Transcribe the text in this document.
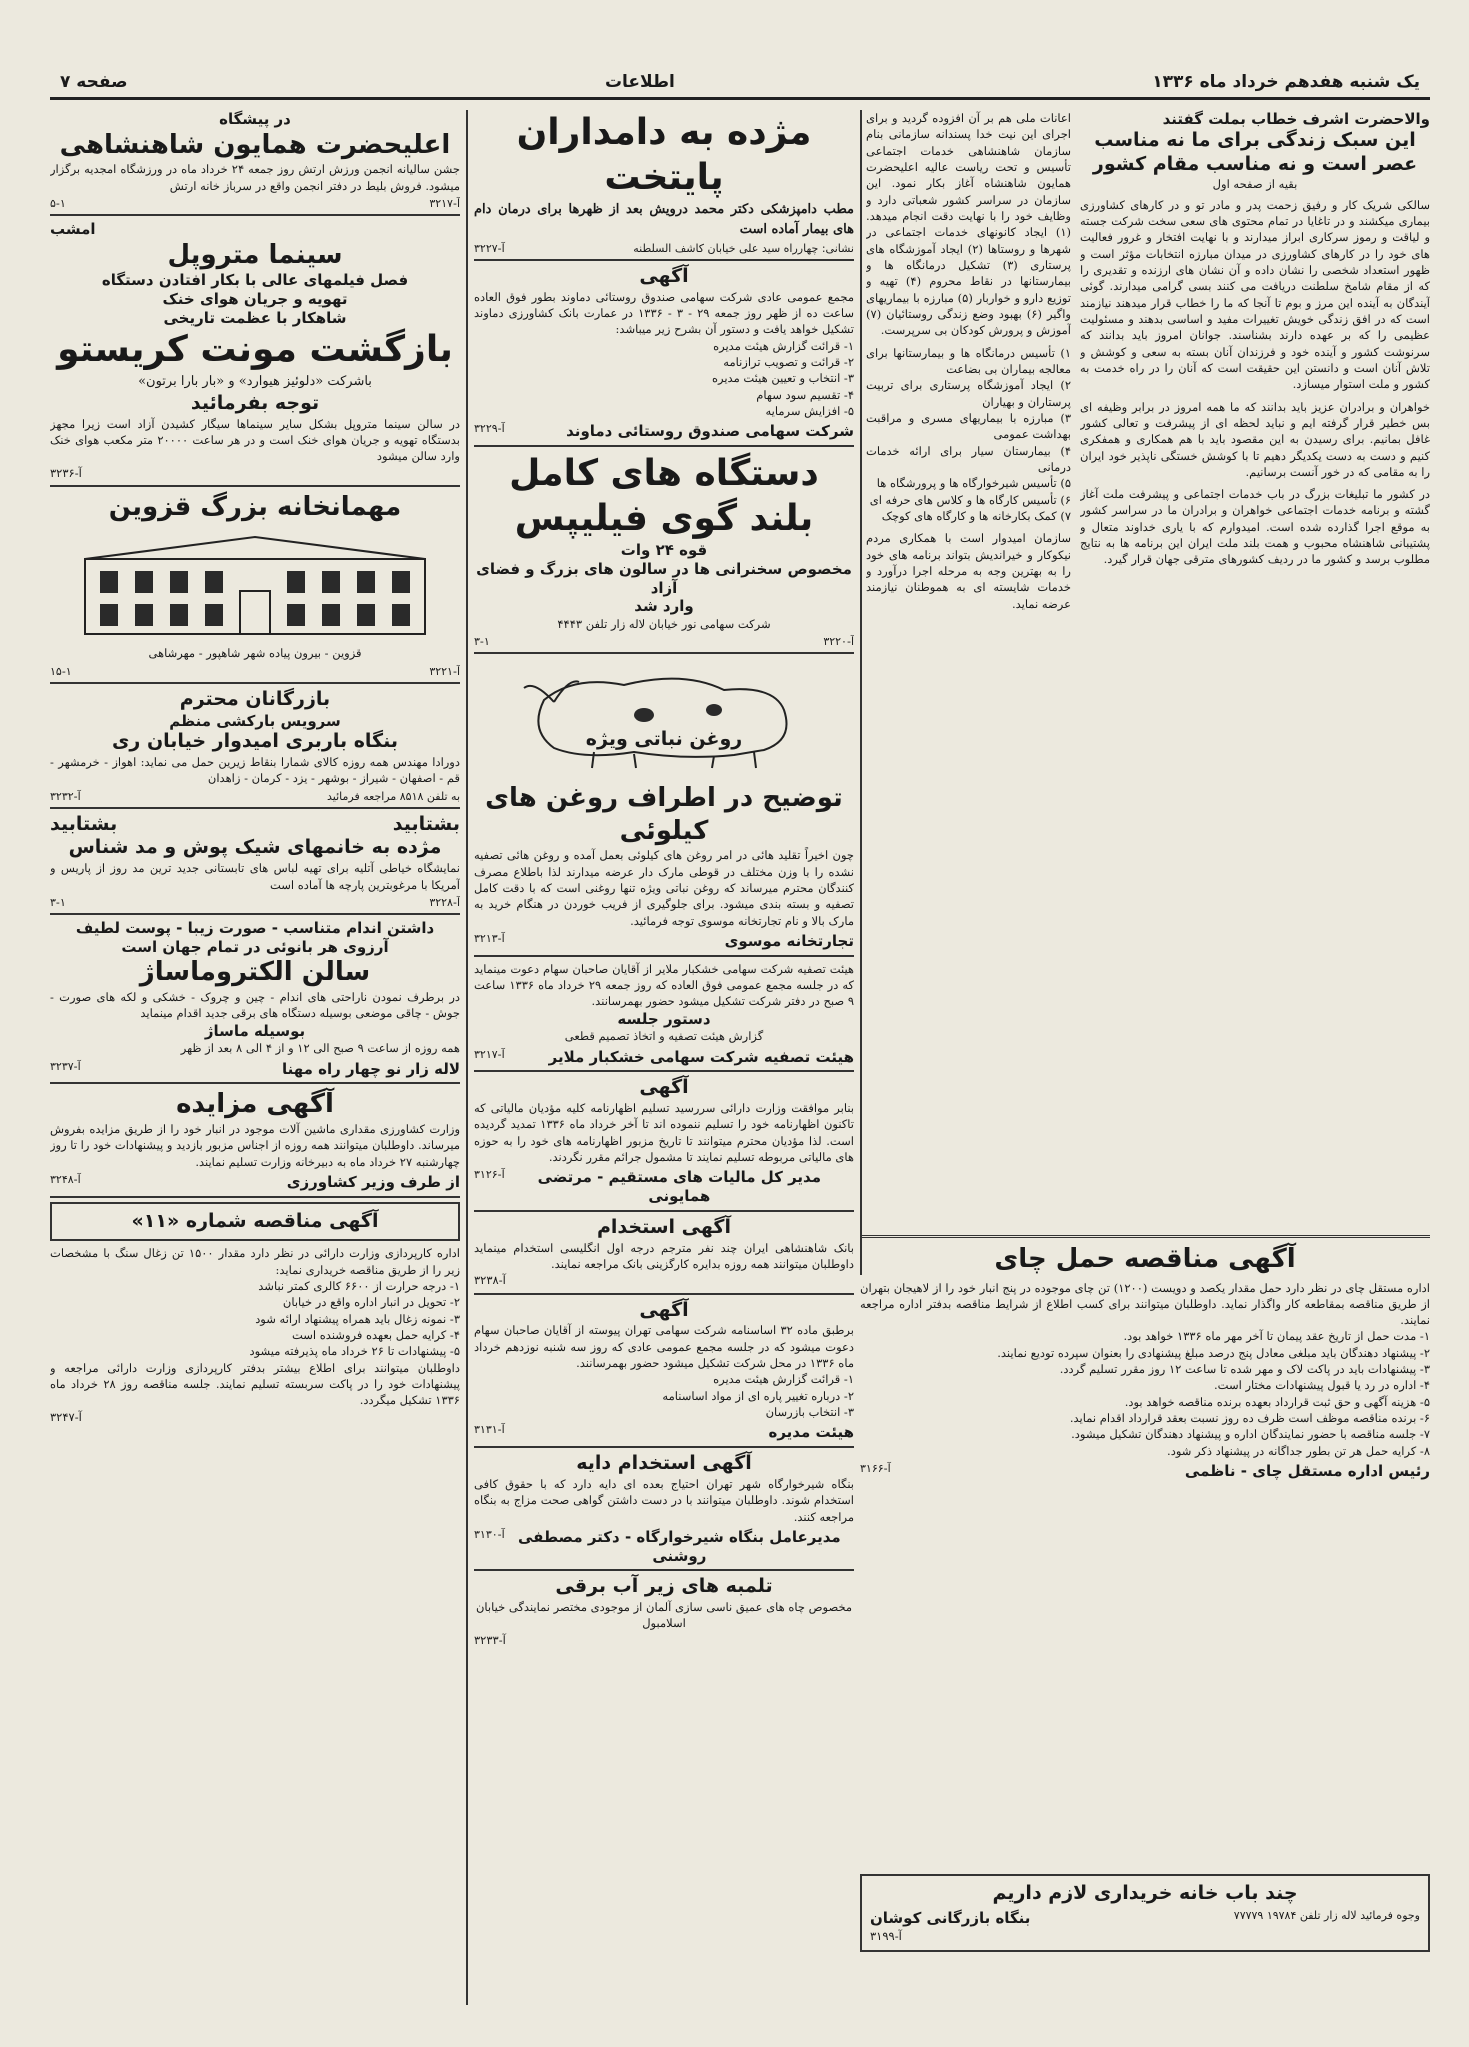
صفحه ۷	اطلاعات	یک شنبه هفدهم خرداد ماه ۱۳۳۶
والاحضرت اشرف خطاب بملت گفتند
این سبک زندگی برای ما نه مناسب عصر است و نه مناسب مقام کشور
بقیه از صفحه اول

سالکی شریک کار و رفیق زحمت پدر و مادر تو و در کارهای کشاورزی بیماری میکشند و در تاغایا در تمام محتوی های سعی سخت شرکت جسته و لیاقت و رموز سرکاری ابراز میدارند و با نهایت افتخار و غرور فعالیت های خود را در کارهای کشاورزی در میدان مبارزه انتخابات مؤثر است و ظهور استعداد شخصی را نشان داده و آن نشان های ارزنده و تقدیری را که از مقام شامخ سلطنت دریافت می کنند بسی گرامی میدارند. گوئی آیندگان به آینده این مرز و بوم تا آنجا که ما را خطاب قرار میدهند نیازمند است که در افق زندگی خویش تغییرات مفید و اساسی بدهند و مسئولیت عظیمی را که بر عهده دارند بشناسند. جوانان امروز باید بدانند که سرنوشت کشور و آینده خود و فرزندان آنان بسته به سعی و کوشش و تلاش آنان است و دانستن این حقیقت است که آنان را در راه خدمت به کشور و ملت استوار میسازد.

خواهران و برادران عزیز باید بدانند که ما همه امروز در برابر وظیفه ای بس خطیر قرار گرفته ایم و نباید لحظه ای از پیشرفت و تعالی کشور غافل بمانیم. برای رسیدن به این مقصود باید با هم همکاری و همفکری کنیم و دست به دست یکدیگر دهیم تا با کوشش خستگی ناپذیر خود ایران را به مقامی که در خور آنست برسانیم.

در کشور ما تبلیغات بزرگ در باب خدمات اجتماعی و پیشرفت ملت آغاز گشته و برنامه خدمات اجتماعی خواهران و برادران ما در سراسر کشور به موقع اجرا گذارده شده است. امیدوارم که با یاری خداوند متعال و پشتیبانی شاهنشاه محبوب و همت بلند ملت ایران این برنامه ها به نتایج مطلوب برسد و کشور ما در ردیف کشورهای مترقی جهان قرار گیرد.

اعانات ملی هم بر آن افزوده گردید و برای اجرای این نیت خدا پسندانه سازمانی بنام سازمان شاهنشاهی خدمات اجتماعی تأسیس و تحت ریاست عالیه اعلیحضرت همایون شاهنشاه آغاز بکار نمود. این سازمان در سراسر کشور شعباتی دارد و وظایف خود را با نهایت دقت انجام میدهد. (۱) ایجاد کانونهای خدمات اجتماعی در شهرها و روستاها (۲) ایجاد آموزشگاه های پرستاری (۳) تشکیل درمانگاه ها و بیمارستانها در نقاط محروم (۴) تهیه و توزیع دارو و خواربار (۵) مبارزه با بیماریهای واگیر (۶) بهبود وضع زندگی روستائیان (۷) آموزش و پرورش کودکان بی سرپرست.

۱) تأسیس درمانگاه ها و بیمارستانها برای معالجه بیماران بی بضاعت

۲) ایجاد آموزشگاه پرستاری برای تربیت پرستاران و بهیاران

۳) مبارزه با بیماریهای مسری و مراقبت بهداشت عمومی

۴) بیمارستان سیار برای ارائه خدمات درمانی

۵) تأسیس شیرخوارگاه ها و پرورشگاه ها

۶) تأسیس کارگاه ها و کلاس های حرفه ای

۷) کمک بکارخانه ها و کارگاه های کوچک

سازمان امیدوار است با همکاری مردم نیکوکار و خیراندیش بتواند برنامه های خود را به بهترین وجه به مرحله اجرا درآورد و خدمات شایسته ای به هموطنان نیازمند عرضه نماید.

آگهی مناقصه حمل چای

اداره مستقل چای در نظر دارد حمل مقدار یکصد و دویست (۱۲۰۰) تن چای موجوده در پنج انبار خود را از لاهیجان بتهران از طریق مناقصه بمقاطعه کار واگذار نماید. داوطلبان میتوانند برای کسب اطلاع از شرایط مناقصه بدفتر اداره مراجعه نمایند.

۱- مدت حمل از تاریخ عقد پیمان تا آخر مهر ماه ۱۳۳۶ خواهد بود.

۲- پیشنهاد دهندگان باید مبلغی معادل پنج درصد مبلغ پیشنهادی را بعنوان سپرده تودیع نمایند.

۳- پیشنهادات باید در پاکت لاک و مهر شده تا ساعت ۱۲ روز مقرر تسلیم گردد.

۴- اداره در رد یا قبول پیشنهادات مختار است.

۵- هزینه آگهی و حق ثبت قرارداد بعهده برنده مناقصه خواهد بود.

۶- برنده مناقصه موظف است ظرف ده روز نسبت بعقد قرارداد اقدام نماید.

۷- جلسه مناقصه با حضور نمایندگان اداره و پیشنهاد دهندگان تشکیل میشود.

۸- کرایه حمل هر تن بطور جداگانه در پیشنهاد ذکر شود.

رئیس اداره مستقل چای - ناظمی
آ-۳۱۶۶
چند باب خانه خریداری لازم داریم
وجوه فرمائید لاله زار تلفن ۱۹۷۸۴ ۷۷۷۷۹
بنگاه بازرگانی کوشان
آ-۳۱۹۹
مژده به دامداران پایتخت

مطب دامپزشکی دکتر محمد درویش بعد از ظهرها برای درمان دام های بیمار آماده است

نشانی: چهارراه سید علی خیابان کاشف السلطنه
آ-۳۲۲۷
آگهی

مجمع عمومی عادی شرکت سهامی صندوق روستائی دماوند بطور فوق العاده ساعت ده از ظهر روز جمعه ۲۹ - ۳ - ۱۳۳۶ در عمارت بانک کشاورزی دماوند تشکیل خواهد یافت و دستور آن بشرح زیر میباشد:

۱- قرائت گزارش هیئت مدیره

۲- قرائت و تصویب ترازنامه

۳- انتخاب و تعیین هیئت مدیره

۴- تقسیم سود سهام

۵- افزایش سرمایه

شرکت سهامی صندوق روستائی دماوند
آ-۳۲۲۹
دستگاه های کامل
بلند گوی فیلیپس
قوه ۲۴ وات
مخصوص سخنرانی ها در سالون های بزرگ و فضای آزاد
وارد شد
شرکت سهامی نور خیابان لاله زار تلفن ۴۴۴۳
آ-۳۲۲۰
۳-۱
روغن نباتی ویژه
توضیح در اطراف روغن های کیلوئی

چون اخیراً تقلید هائی در امر روغن های کیلوئی بعمل آمده و روغن هائی تصفیه نشده را با وزن مختلف در قوطی مارک دار عرضه میدارند لذا باطلاع مصرف کنندگان محترم میرساند که روغن نباتی ویژه تنها روغنی است که با دقت کامل تصفیه و بسته بندی میشود. برای جلوگیری از فریب خوردن در هنگام خرید به مارک بالا و نام تجارتخانه موسوی توجه فرمائید.

تجارتخانه موسوی
آ-۳۲۱۳

هیئت تصفیه شرکت سهامی خشکبار ملایر از آقایان صاحبان سهام دعوت مینماید که در جلسه مجمع عمومی فوق العاده که روز جمعه ۲۹ خرداد ماه ۱۳۳۶ ساعت ۹ صبح در دفتر شرکت تشکیل میشود حضور بهمرسانند.

دستور جلسه

گزارش هیئت تصفیه و اتخاذ تصمیم قطعی

هیئت تصفیه شرکت سهامی خشکبار ملایر
آ-۳۲۱۷
آگهی

بنابر موافقت وزارت دارائی سررسید تسلیم اظهارنامه کلیه مؤدیان مالیاتی که تاکنون اظهارنامه خود را تسلیم ننموده اند تا آخر خرداد ماه ۱۳۳۶ تمدید گردیده است. لذا مؤدیان محترم میتوانند تا تاریخ مزبور اظهارنامه های خود را به حوزه های مالیاتی مربوطه تسلیم نمایند تا مشمول جرائم مقرر نگردند.

مدیر کل مالیات های مستقیم - مرتضی همایونی
آ-۳۱۲۶
آگهی استخدام

بانک شاهنشاهی ایران چند نفر مترجم درجه اول انگلیسی استخدام مینماید داوطلبان میتوانند همه روزه بدایره کارگزینی بانک مراجعه نمایند.

آ-۳۲۳۸
آگهی

برطبق ماده ۳۲ اساسنامه شرکت سهامی تهران پیوسته از آقایان صاحبان سهام دعوت میشود که در جلسه مجمع عمومی عادی که روز سه شنبه نوزدهم خرداد ماه ۱۳۳۶ در محل شرکت تشکیل میشود حضور بهمرسانند.

۱- قرائت گزارش هیئت مدیره

۲- درباره تغییر پاره ای از مواد اساسنامه

۳- انتخاب بازرسان

هیئت مدیره
آ-۳۱۳۱
آگهی استخدام دایه

بنگاه شیرخوارگاه شهر تهران احتیاج بعده ای دایه دارد که با حقوق کافی استخدام شوند. داوطلبان میتوانند با در دست داشتن گواهی صحت مزاج به بنگاه مراجعه کنند.

مدیرعامل بنگاه شیرخوارگاه - دکتر مصطفی روشنی
آ-۳۱۳۰
تلمبه های زیر آب برقی

مخصوص چاه های عمیق ناسی سازی آلمان از موجودی مختصر نمایندگی خیابان اسلامبول

آ-۳۲۳۳
در پیشگاه
اعلیحضرت همایون شاهنشاهی

جشن سالیانه انجمن ورزش ارتش روز جمعه ۲۴ خرداد ماه در ورزشگاه امجدیه برگزار میشود. فروش بلیط در دفتر انجمن واقع در سرباز خانه ارتش

آ-۳۲۱۷
۵-۱
امشب
سینما متروپل
فصل فیلمهای عالی با بکار افتادن دستگاه
تهویه و جریان هوای خنک
شاهکار با عظمت تاریخی
بازگشت مونت کریستو
باشرکت «دلوئیز هیوارد» و «بار بارا برتون»
توجه بفرمائید

در سالن سینما متروپل بشکل سایر سینماها سیگار کشیدن آزاد است زیرا مجهز بدستگاه تهویه و جریان هوای خنک است و در هر ساعت ۲۰۰۰۰ متر مکعب هوای خنک وارد سالن میشود

آ-۳۲۳۶
مهمانخانه بزرگ قزوین
قزوین - بیرون پیاده شهر شاهپور - مهرشاهی
آ-۳۲۲۱
۱۵-۱
بازرگانان محترم
سرویس بارکشی منظم
بنگاه باربری امیدوار خیابان ری

دورادا مهندس همه روزه کالای شمارا بنقاط زیرین حمل می نماید: اهواز - خرمشهر - قم - اصفهان - شیراز - بوشهر - یزد - کرمان - زاهدان

به تلفن ۸۵۱۸ مراجعه فرمائید
آ-۳۲۳۲
بشتابید
بشتابید
مژده به خانمهای شیک پوش و مد شناس

نمایشگاه خیاطی آتلیه برای تهیه لباس های تابستانی جدید ترین مد روز از پاریس و آمریکا با مرغوبترین پارچه ها آماده است

آ-۳۲۲۸
۳-۱
داشتن اندام متناسب - صورت زیبا - پوست لطیف
آرزوی هر بانوئی در تمام جهان است
سالن الکتروماساژ

در برطرف نمودن ناراحتی های اندام - چین و چروک - خشکی و لکه های صورت - جوش - چاقی موضعی بوسیله دستگاه های برقی جدید اقدام مینماید

بوسیله ماساژ

همه روزه از ساعت ۹ صبح الی ۱۲ و از ۴ الی ۸ بعد از ظهر

لاله زار نو چهار راه مهنا
آ-۳۲۳۷
آگهی مزایده

وزارت کشاورزی مقداری ماشین آلات موجود در انبار خود را از طریق مزایده بفروش میرساند. داوطلبان میتوانند همه روزه از اجناس مزبور بازدید و پیشنهادات خود را تا روز چهارشنبه ۲۷ خرداد ماه به دبیرخانه وزارت تسلیم نمایند.

از طرف وزیر کشاورزی
آ-۳۲۴۸
آگهی مناقصه شماره «۱۱»

اداره کارپردازی وزارت دارائی در نظر دارد مقدار ۱۵۰۰ تن زغال سنگ با مشخصات زیر را از طریق مناقصه خریداری نماید:

۱- درجه حرارت از ۶۶۰۰ کالری کمتر نباشد

۲- تحویل در انبار اداره واقع در خیابان

۳- نمونه زغال باید همراه پیشنهاد ارائه شود

۴- کرایه حمل بعهده فروشنده است

۵- پیشنهادات تا ۲۶ خرداد ماه پذیرفته میشود

داوطلبان میتوانند برای اطلاع بیشتر بدفتر کارپردازی وزارت دارائی مراجعه و پیشنهادات خود را در پاکت سربسته تسلیم نمایند. جلسه مناقصه روز ۲۸ خرداد ماه ۱۳۳۶ تشکیل میگردد.

آ-۳۲۴۷
